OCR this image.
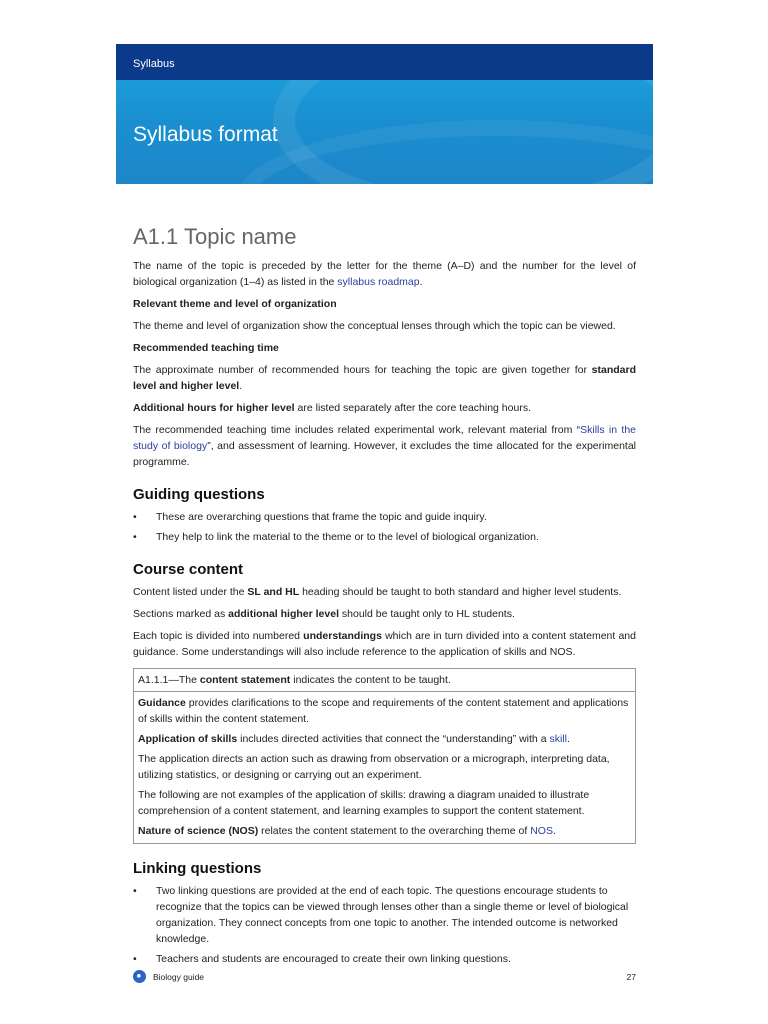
Syllabus
Syllabus format
A1.1 Topic name

The name of the topic is preceded by the letter for the theme (A–D) and the number for the level of biological organization (1–4) as listed in the syllabus roadmap.

Relevant theme and level of organization

The theme and level of organization show the conceptual lenses through which the topic can be viewed.

Recommended teaching time

The approximate number of recommended hours for teaching the topic are given together for standard level and higher level.

Additional hours for higher level are listed separately after the core teaching hours.

The recommended teaching time includes related experimental work, relevant material from “Skills in the study of biology”, and assessment of learning. However, it excludes the time allocated for the experimental programme.

Guiding questions
• These are overarching questions that frame the topic and guide inquiry.
• They help to link the material to the theme or to the level of biological organization.
Course content

Content listed under the SL and HL heading should be taught to both standard and higher level students.

Sections marked as additional higher level should be taught only to HL students.

Each topic is divided into numbered understandings which are in turn divided into a content statement and guidance. Some understandings will also include reference to the application of skills and NOS.

A1.1.1—The content statement indicates the content to be taught.

Guidance provides clarifications to the scope and requirements of the content statement and applications of skills within the content statement.

Application of skills includes directed activities that connect the “understanding” with a skill.

The application directs an action such as drawing from observation or a micrograph, interpreting data, utilizing statistics, or designing or carrying out an experiment.

The following are not examples of the application of skills: drawing a diagram unaided to illustrate comprehension of a content statement, and learning examples to support the content statement.

Nature of science (NOS) relates the content statement to the overarching theme of NOS.

Linking questions
• Two linking questions are provided at the end of each topic. The questions encourage students to recognize that the topics can be viewed through lenses other than a single theme or level of biological organization. They connect concepts from one topic to another. The intended outcome is networked knowledge.
• Teachers and students are encouraged to create their own linking questions.
Biology guide	27
